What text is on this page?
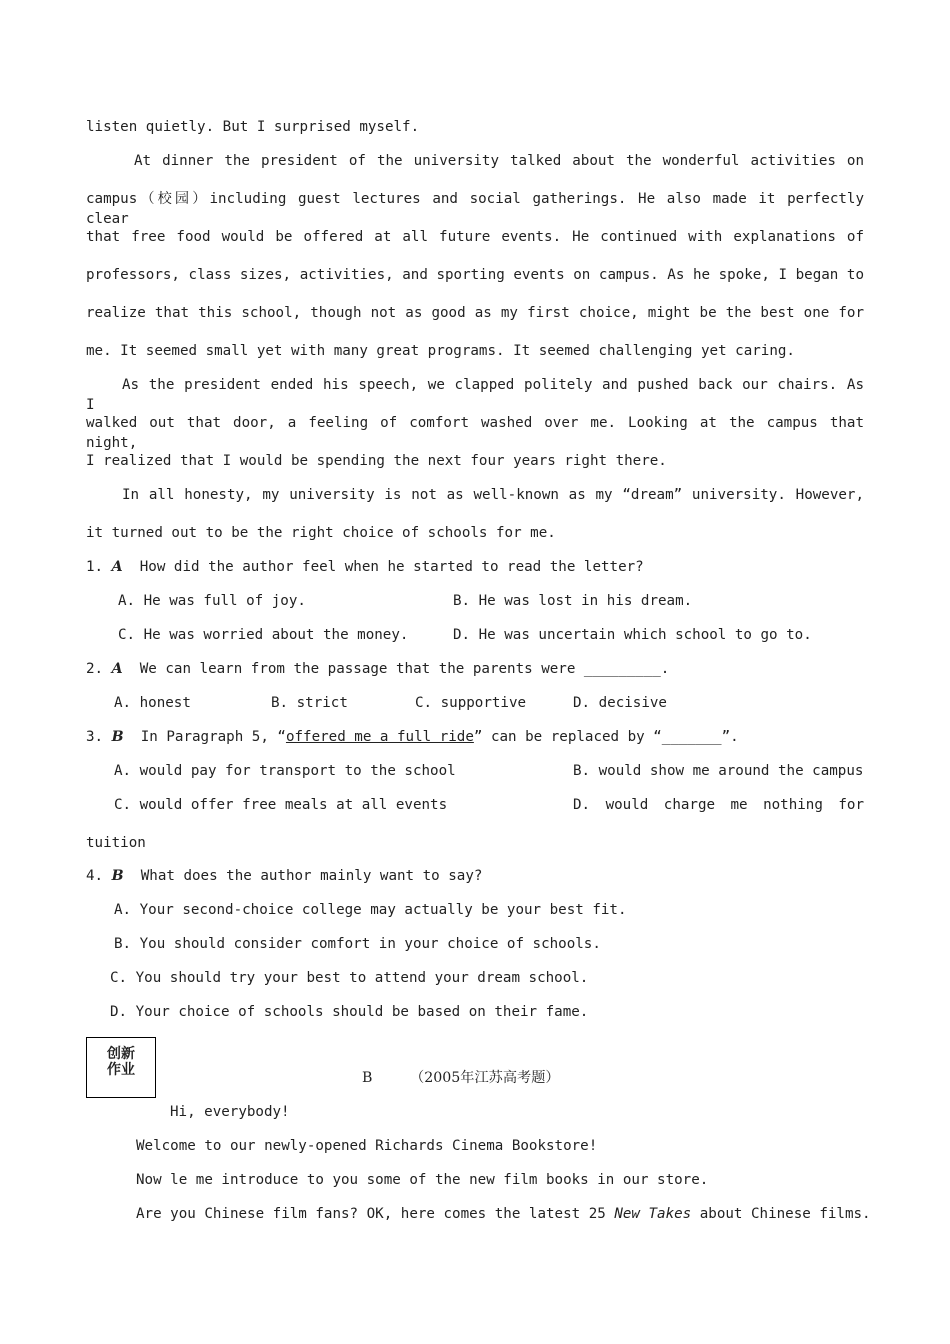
listen quietly. But I surprised myself.
At dinner the president of the university talked about the wonderful activities on
campus（校园）including guest lectures and social gatherings. He also made it perfectly clear
that free food would be offered at all future events. He continued with explanations of
professors, class sizes, activities, and sporting events on campus. As he spoke, I began to
realize that this school, though not as good as my first choice, might be the best one for
me. It seemed small yet with many great programs. It seemed challenging yet caring.
As the president ended his speech, we clapped politely and pushed back our chairs. As I
walked out that door, a feeling of comfort washed over me. Looking at the campus that night,
I realized that I would be spending the next four years right there.
In all honesty, my university is not as well-known as my “dream” university. However,
it turned out to be the right choice of schools for me.
1. A How did the author feel when he started to read the letter?
A. He was full of joy.	B. He was lost in his dream.
C. He was worried about the money.	D. He was uncertain which school to go to.
2. A We can learn from the passage that the parents were _________.
A. honest	B. strict	C. supportive	D. decisive
3. B In Paragraph 5, “offered me a full ride” can be replaced by “_______”.
A. would pay for transport to the school	B. would show me around the campus
C. would offer free meals at all events	D. would charge me nothing for
tuition
4. B What does the author mainly want to say?
A. Your second-choice college may actually be your best fit.
B. You should consider comfort in your choice of schools.
C. You should try your best to attend your dream school.
D. Your choice of schools should be based on their fame.
创新
作业	B	（2005年江苏高考题）
Hi, everybody!
Welcome to our newly-opened Richards Cinema Bookstore!
Now le me introduce to you some of the new film books in our store.
Are you Chinese film fans? OK, here comes the latest 25 New Takes about Chinese films.
